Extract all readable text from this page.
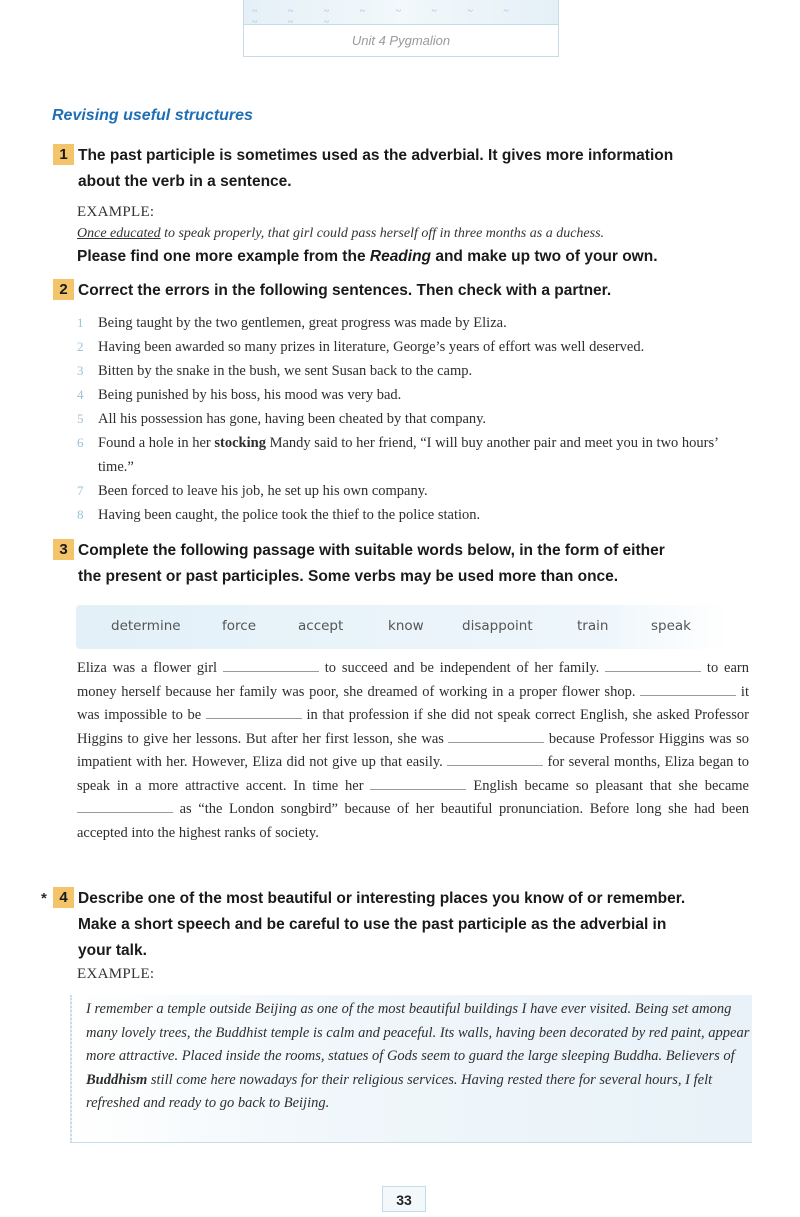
~ ~ ~ ~ ~ ~ ~ ~ ~ ~ ~
Unit 4 Pygmalion
Revising useful structures
1 The past participle is sometimes used as the adverbial. It gives more information
about the verb in a sentence.
EXAMPLE:
Once educated to speak properly, that girl could pass herself off in three months as a duchess.
Please find one more example from the Reading and make up two of your own.
2 Correct the errors in the following sentences. Then check with a partner.
1 Being taught by the two gentlemen, great progress was made by Eliza.
2 Having been awarded so many prizes in literature, George’s years of effort was well deserved.
3 Bitten by the snake in the bush, we sent Susan back to the camp.
4 Being punished by his boss, his mood was very bad.
5 All his possession has gone, having been cheated by that company.
6 Found a hole in her stocking Mandy said to her friend, “I will buy another pair and meet you in two hours’ time.”
7 Been forced to leave his job, he set up his own company.
8 Having been caught, the police took the thief to the police station.
3 Complete the following passage with suitable words below, in the form of either
the present or past participles. Some verbs may be used more than once.
determine	force	accept	know	disappoint	train	speak
Eliza was a flower girl	to succeed and be independent of her family.	to earn money herself because her family was poor, she dreamed of working in a proper flower shop.	it was impossible to be	in that profession if she did not speak correct English, she asked Professor Higgins to give her lessons. But after her first lesson, she was	because Professor Higgins was so impatient with her. However, Eliza did not give up that easily.	for several months, Eliza began to speak in a more attractive accent. In time her	English became so pleasant that she became  as “the London songbird” because of her beautiful pronunciation. Before long she had been accepted into the highest ranks of society.
* 4 Describe one of the most beautiful or interesting places you know of or remember.
Make a short speech and be careful to use the past participle as the adverbial in
your talk.
EXAMPLE:
I remember a temple outside Beijing as one of the most beautiful buildings I have ever visited. Being set among many lovely trees, the Buddhist temple is calm and peaceful. Its walls, having been decorated by red paint, appear more attractive. Placed inside the rooms, statues of Gods seem to guard the large sleeping Buddha. Believers of Buddhism still come here nowadays for their religious services. Having rested there for several hours, I felt refreshed and ready to go back to Beijing.
33
